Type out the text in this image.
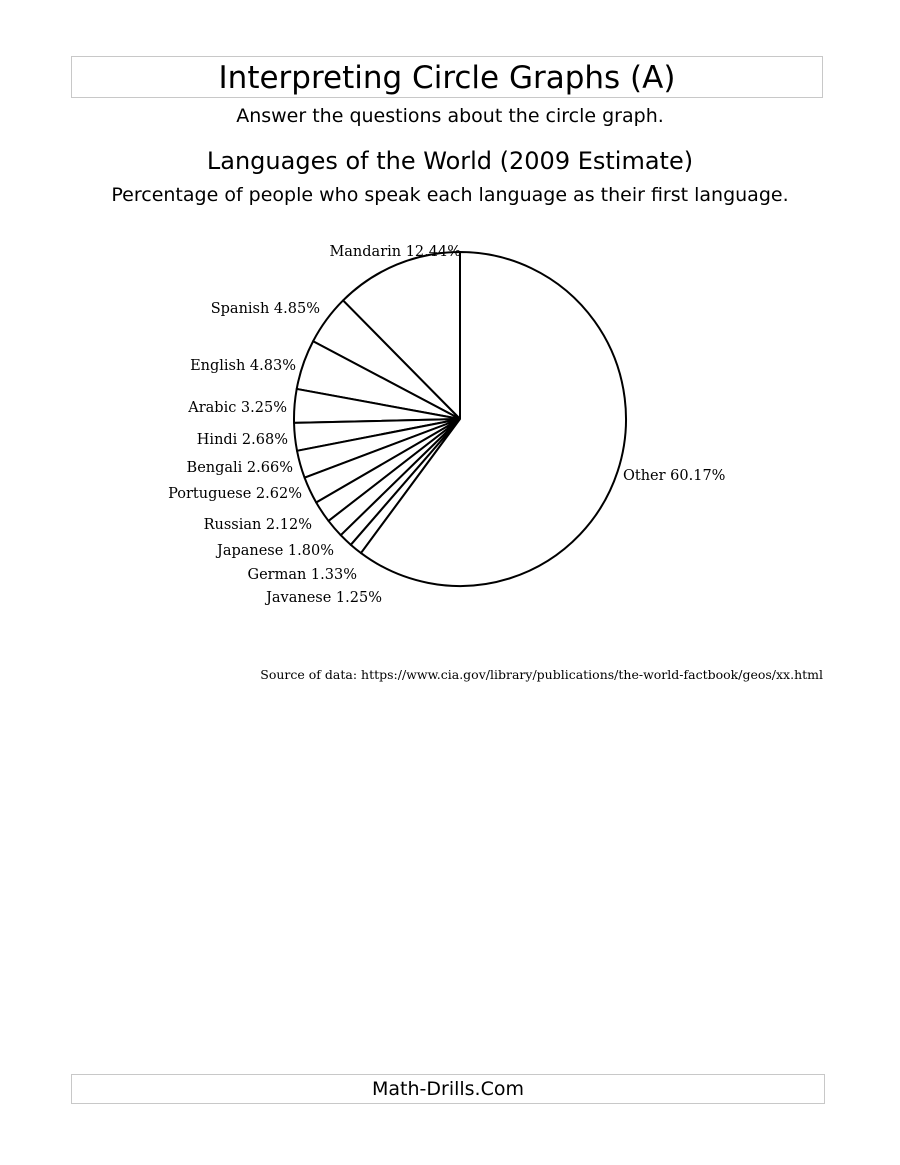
Interpreting Circle Graphs (A)
Answer the questions about the circle graph.
Languages of the World (2009 Estimate)
Percentage of people who speak each language as their first language.
Mandarin 12.44%
Spanish 4.85%
English 4.83%
Arabic 3.25%
Hindi 2.68%
Bengali 2.66%
Portuguese 2.62%
Russian 2.12%
Japanese 1.80%
German 1.33%
Javanese 1.25%
Other 60.17%
Source of data: https://www.cia.gov/library/publications/the-world-factbook/geos/xx.html
Math-Drills.Com
